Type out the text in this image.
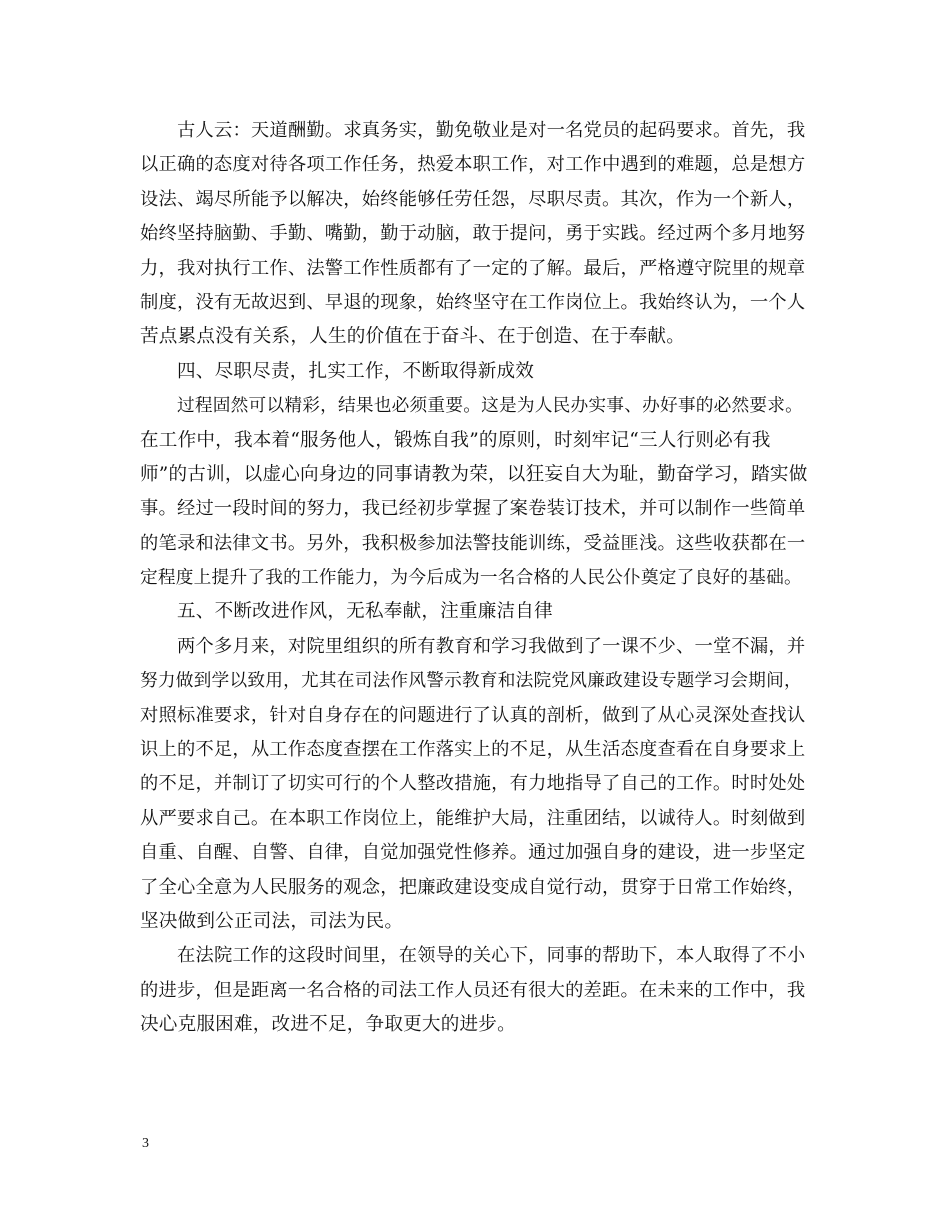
古人云：天道酬勤。求真务实，勤免敬业是对一名党员的起码要求。首先，我
以正确的态度对待各项工作任务，热爱本职工作，对工作中遇到的难题，总是想方
设法、竭尽所能予以解决，始终能够任劳任怨，尽职尽责。其次，作为一个新人，
始终坚持脑勤、手勤、嘴勤，勤于动脑，敢于提问，勇于实践。经过两个多月地努
力，我对执行工作、法警工作性质都有了一定的了解。最后，严格遵守院里的规章
制度，没有无故迟到、早退的现象，始终坚守在工作岗位上。我始终认为，一个人
苦点累点没有关系，人生的价值在于奋斗、在于创造、在于奉献。
四、尽职尽责，扎实工作，不断取得新成效
过程固然可以精彩，结果也必须重要。这是为人民办实事、办好事的必然要求。
在工作中，我本着“服务他人，锻炼自我”的原则，时刻牢记“三人行则必有我
师”的古训，以虚心向身边的同事请教为荣，以狂妄自大为耻，勤奋学习，踏实做
事。经过一段时间的努力，我已经初步掌握了案卷装订技术，并可以制作一些简单
的笔录和法律文书。另外，我积极参加法警技能训练，受益匪浅。这些收获都在一
定程度上提升了我的工作能力，为今后成为一名合格的人民公仆奠定了良好的基础。
五、不断改进作风，无私奉献，注重廉洁自律
两个多月来，对院里组织的所有教育和学习我做到了一课不少、一堂不漏，并
努力做到学以致用，尤其在司法作风警示教育和法院党风廉政建设专题学习会期间，
对照标准要求，针对自身存在的问题进行了认真的剖析，做到了从心灵深处查找认
识上的不足，从工作态度查摆在工作落实上的不足，从生活态度查看在自身要求上
的不足，并制订了切实可行的个人整改措施，有力地指导了自己的工作。时时处处
从严要求自己。在本职工作岗位上，能维护大局，注重团结，以诚待人。时刻做到
自重、自醒、自警、自律，自觉加强党性修养。通过加强自身的建设，进一步坚定
了全心全意为人民服务的观念，把廉政建设变成自觉行动，贯穿于日常工作始终，
坚决做到公正司法，司法为民。
在法院工作的这段时间里，在领导的关心下，同事的帮助下，本人取得了不小
的进步，但是距离一名合格的司法工作人员还有很大的差距。在未来的工作中，我
决心克服困难，改进不足，争取更大的进步。
3
